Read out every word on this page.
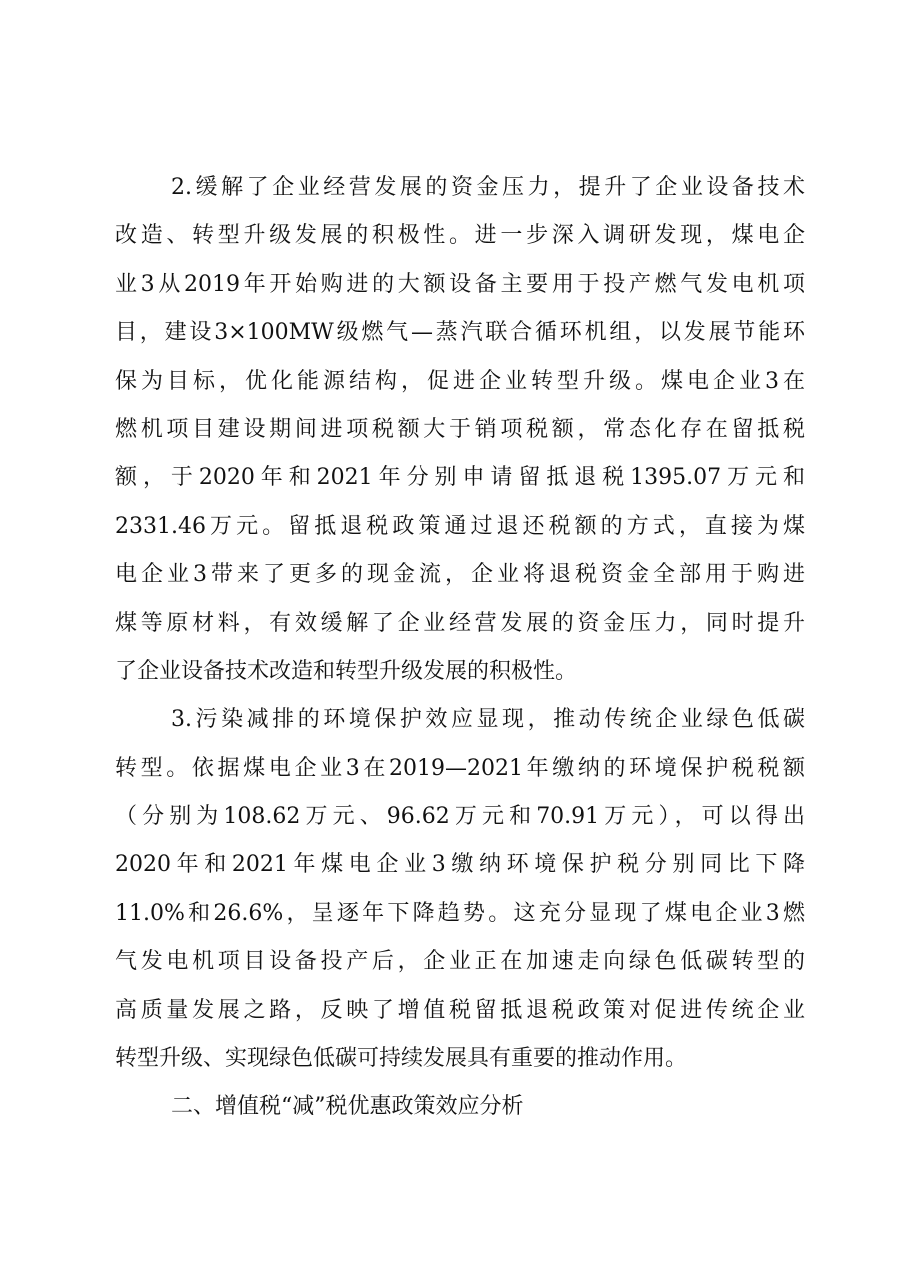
2.缓解了企业经营发展的资金压力，提升了企业设备技术
改造、转型升级发展的积极性。进一步深入调研发现，煤电企
业3从2019年开始购进的大额设备主要用于投产燃气发电机项
目，建设3×100MW级燃气—蒸汽联合循环机组，以发展节能环
保为目标，优化能源结构，促进企业转型升级。煤电企业3在
燃机项目建设期间进项税额大于销项税额，常态化存在留抵税
额，于2020年和2021年分别申请留抵退税1395.07万元和
2331.46万元。留抵退税政策通过退还税额的方式，直接为煤
电企业3带来了更多的现金流，企业将退税资金全部用于购进
煤等原材料，有效缓解了企业经营发展的资金压力，同时提升
了企业设备技术改造和转型升级发展的积极性。
3.污染减排的环境保护效应显现，推动传统企业绿色低碳
转型。依据煤电企业3在2019—2021年缴纳的环境保护税税额
（分别为108.62万元、96.62万元和70.91万元），可以得出
2020年和2021年煤电企业3缴纳环境保护税分别同比下降
11.0%和26.6%，呈逐年下降趋势。这充分显现了煤电企业3燃
气发电机项目设备投产后，企业正在加速走向绿色低碳转型的
高质量发展之路，反映了增值税留抵退税政策对促进传统企业
转型升级、实现绿色低碳可持续发展具有重要的推动作用。
二、增值税“减”税优惠政策效应分析
